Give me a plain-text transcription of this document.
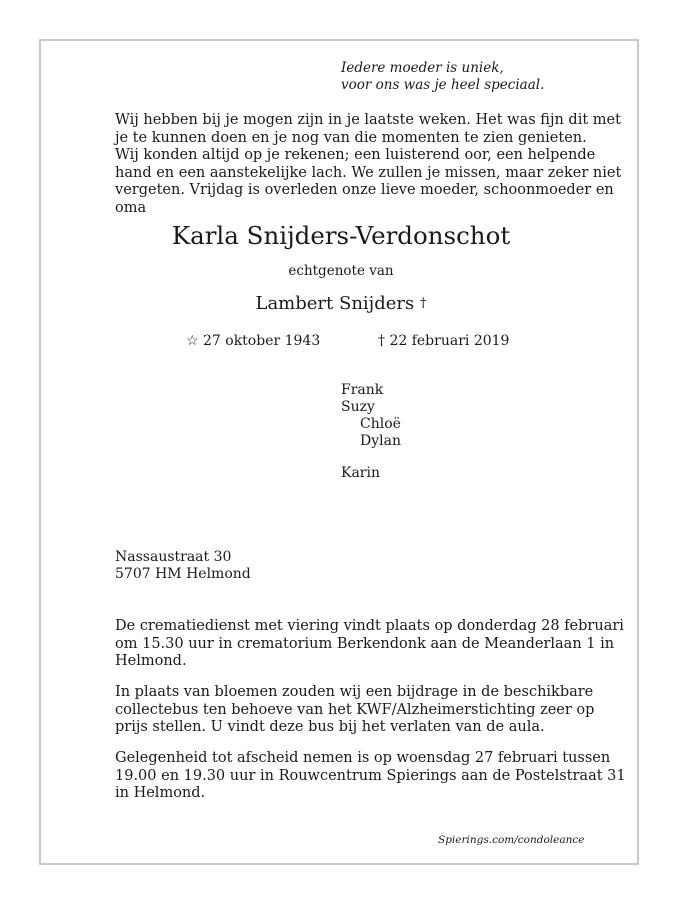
Iedere moeder is uniek,
voor ons was je heel speciaal.
Wij hebben bij je mogen zijn in je laatste weken. Het was fijn dit met
je te kunnen doen en je nog van die momenten te zien genieten.
Wij konden altijd op je rekenen; een luisterend oor, een helpende
hand en een aanstekelijke lach. We zullen je missen, maar zeker niet
vergeten. Vrijdag is overleden onze lieve moeder, schoonmoeder en
oma
Karla Snijders-Verdonschot
echtgenote van
Lambert Snijders †
☆ 27 oktober 1943	† 22 februari 2019
Frank
Suzy
Chloë
Dylan
Karin
Nassaustraat 30
5707 HM Helmond
De crematiedienst met viering vindt plaats op donderdag 28 februari
om 15.30 uur in crematorium Berkendonk aan de Meanderlaan 1 in
Helmond.
In plaats van bloemen zouden wij een bijdrage in de beschikbare
collectebus ten behoeve van het KWF/Alzheimerstichting zeer op
prijs stellen. U vindt deze bus bij het verlaten van de aula.
Gelegenheid tot afscheid nemen is op woensdag 27 februari tussen
19.00 en 19.30 uur in Rouwcentrum Spierings aan de Postelstraat 31
in Helmond.
Spierings.com/condoleance
